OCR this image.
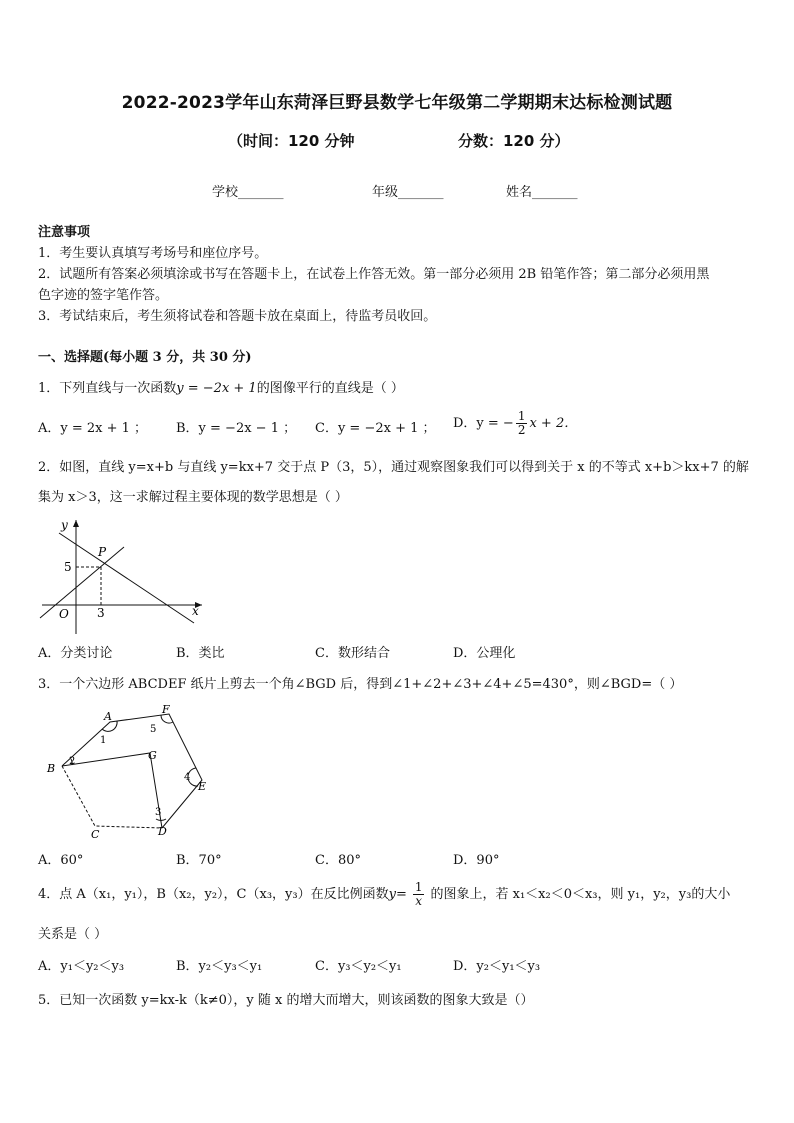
2022-2023学年山东菏泽巨野县数学七年级第二学期期末达标检测试题
（时间：120 分钟	分数：120 分）
学校_______	年级_______	姓名_______
注意事项
1．考生要认真填写考场号和座位序号。
2．试题所有答案必须填涂或书写在答题卡上，在试卷上作答无效。第一部分必须用 2B 铅笔作答；第二部分必须用黑
色字迹的签字笔作答。
3．考试结束后，考生须将试卷和答题卡放在桌面上，待监考员收回。
一、选择题(每小题 3 分，共 30 分)
1．下列直线与一次函数y = −2x + 1的图像平行的直线是（ ）
A．y = 2x + 1 ； B．y = −2x − 1 ； C．y = −2x + 1 ； D．y = − $\frac{1}{2}$ x + 2．
2．如图，直线 y=x+b 与直线 y=kx+7 交于点 P（3，5），通过观察图象我们可以得到关于 x 的不等式 x+b＞kx+7 的解
集为 x＞3，这一求解过程主要体现的数学思想是（ ）
y
x
O
P
5
3
A．分类讨论	B．类比	C．数形结合	D．公理化
3．一个六边形 ABCDEF 纸片上剪去一个角∠BGD 后，得到∠1+∠2+∠3+∠4+∠5=430°，则∠BGD=（ ）
A
F
B
G
E
C	D
1
2
3
4
5
A．60°	B．70°	C．80°	D．90°
4．点 A（x₁，y₁），B（x₂，y₂），C（x₃，y₃）在反比例函数$y= \frac{1}{x}$ 的图象上，若 x₁＜x₂＜0＜x₃，则 y₁，y₂，y₃的大小
关系是（ ）
A．y₁＜y₂＜y₃	B．y₂＜y₃＜y₁	C．y₃＜y₂＜y₁	D．y₂＜y₁＜y₃
5．已知一次函数 y=kx-k（k≠0），y 随 x 的增大而增大，则该函数的图象大致是（）
